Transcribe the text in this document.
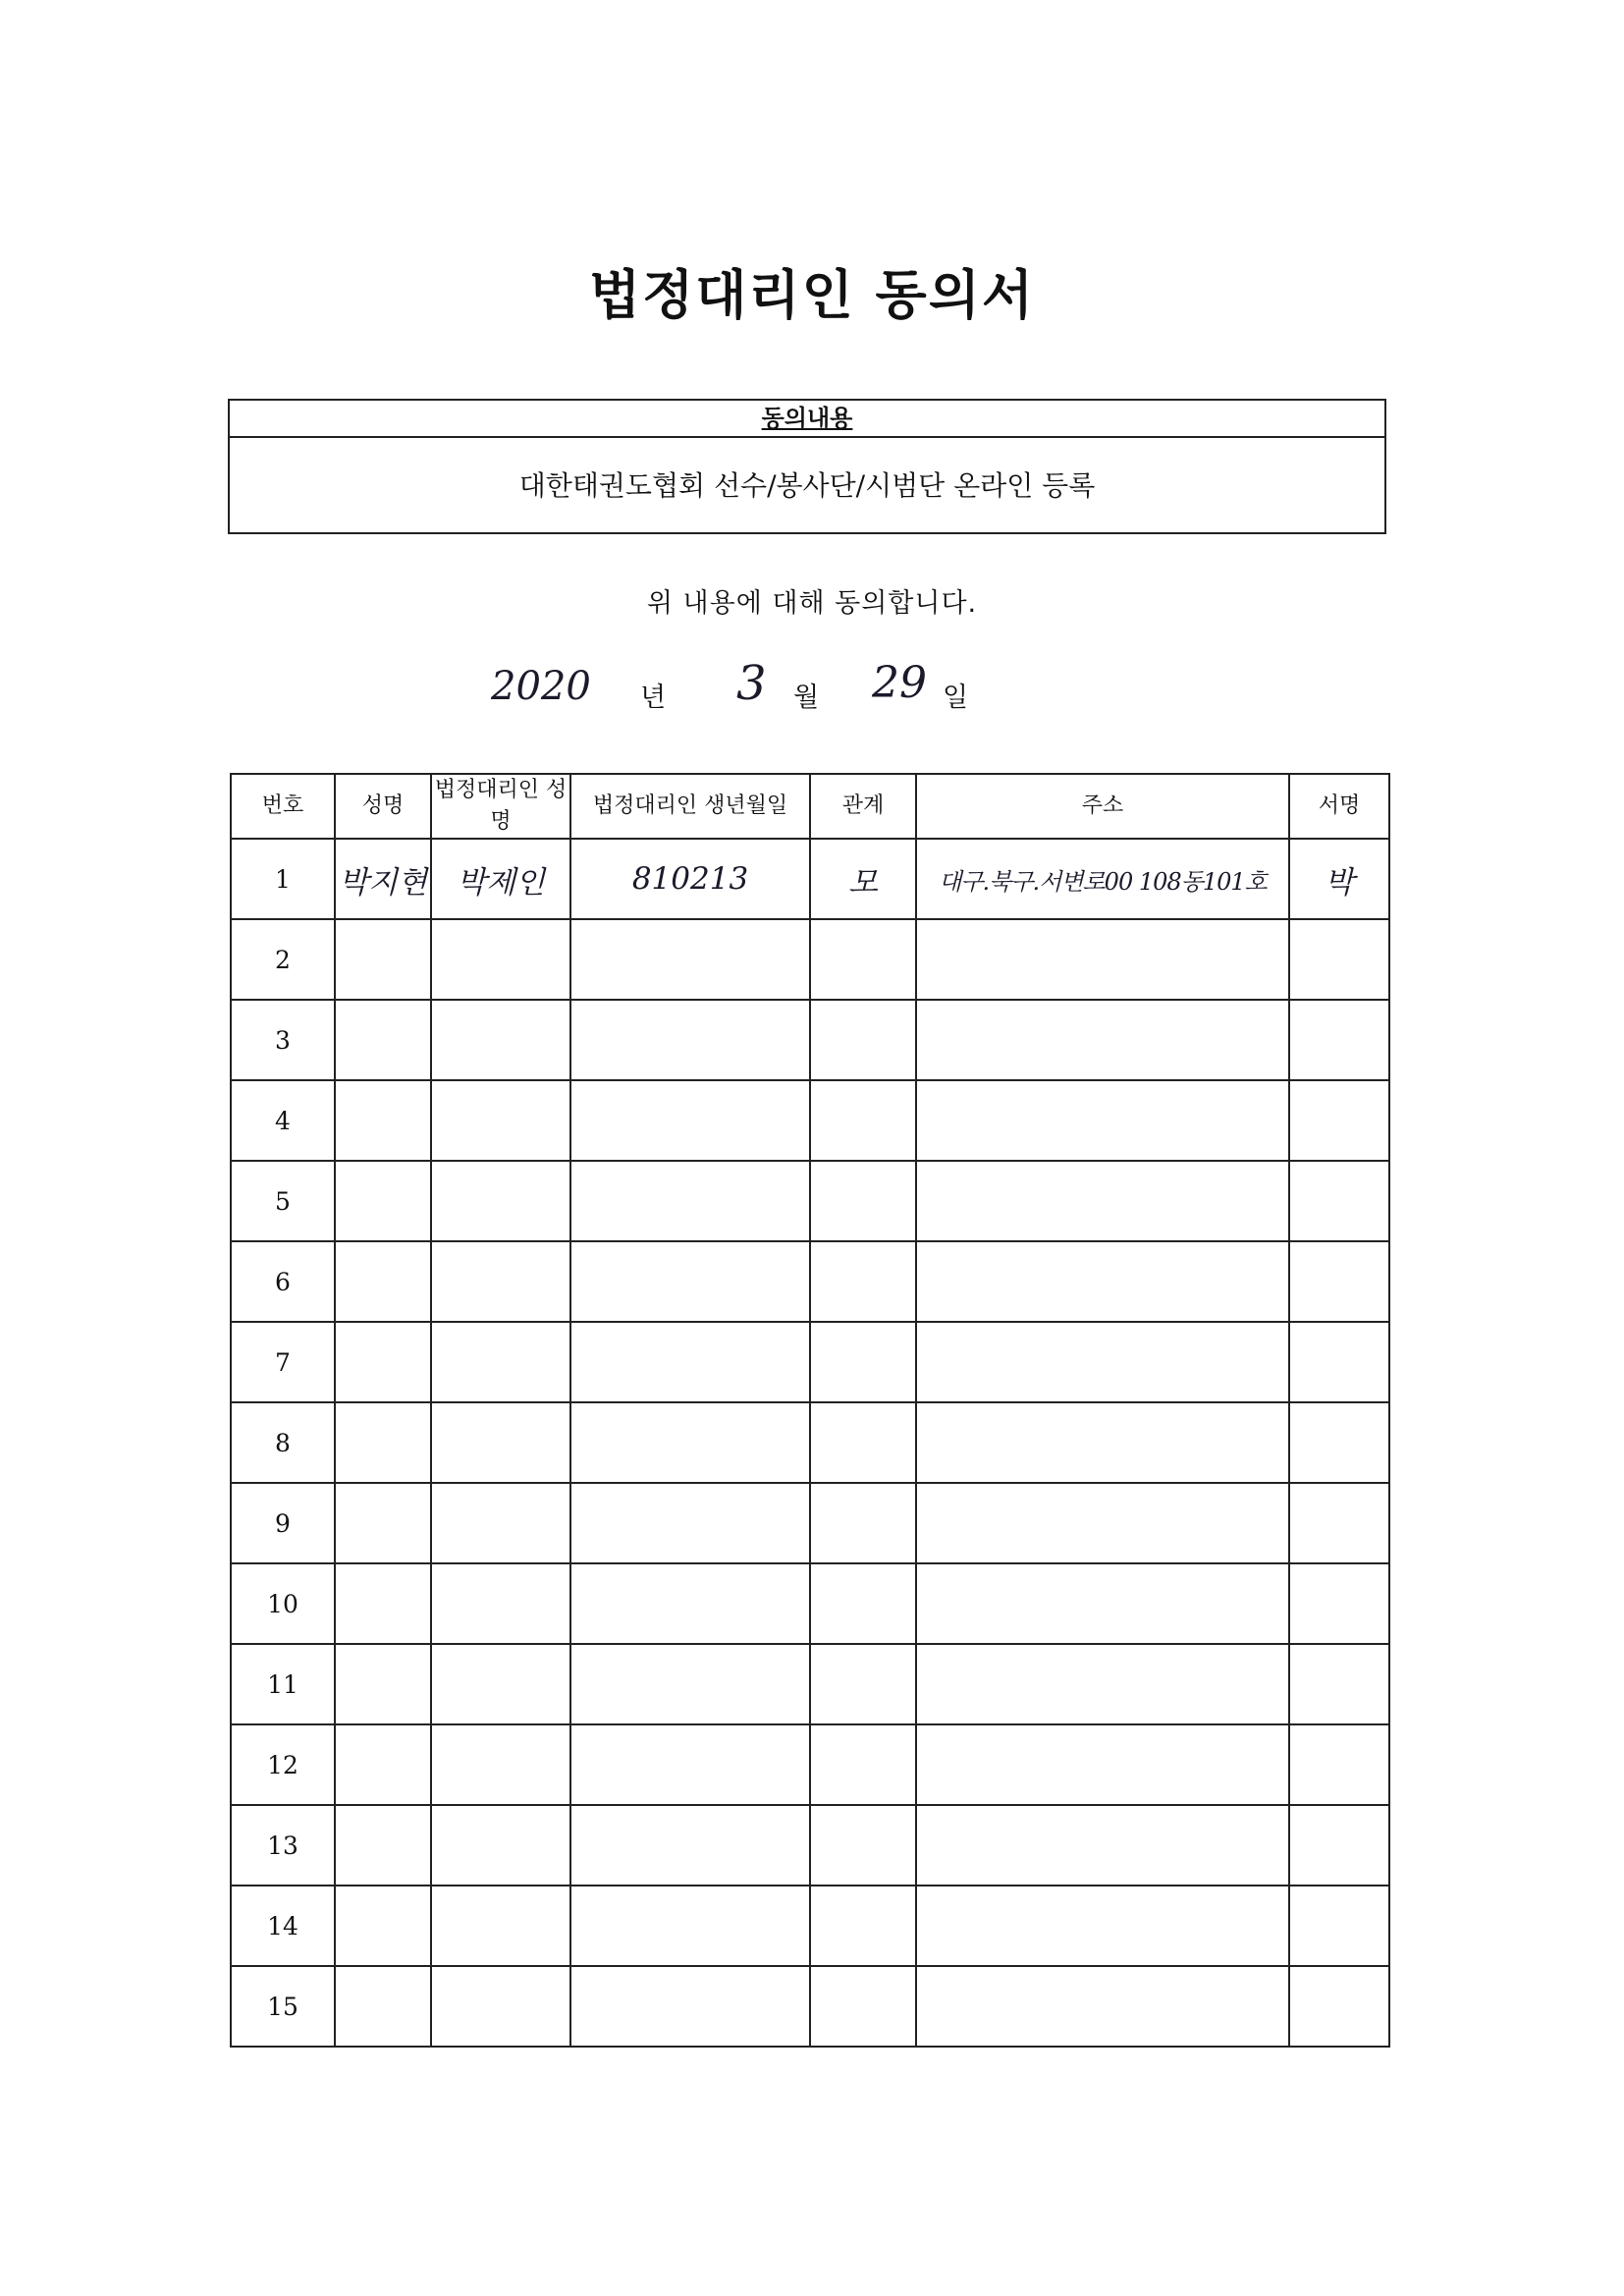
법정대리인 동의서
동의내용
대한태권도협회 선수/봉사단/시범단 온라인 등록
위 내용에 대해 동의합니다.
2020 년 3 월 29 일
번호	성명	법정대리인 성명	법정대리인 생년월일	관계	주소	서명
1	박지현	박제인	810213	모	대구.북구.서변로00 108동101호	박
2						
3						
4						
5						
6						
7						
8						
9						
10						
11						
12						
13						
14						
15						
